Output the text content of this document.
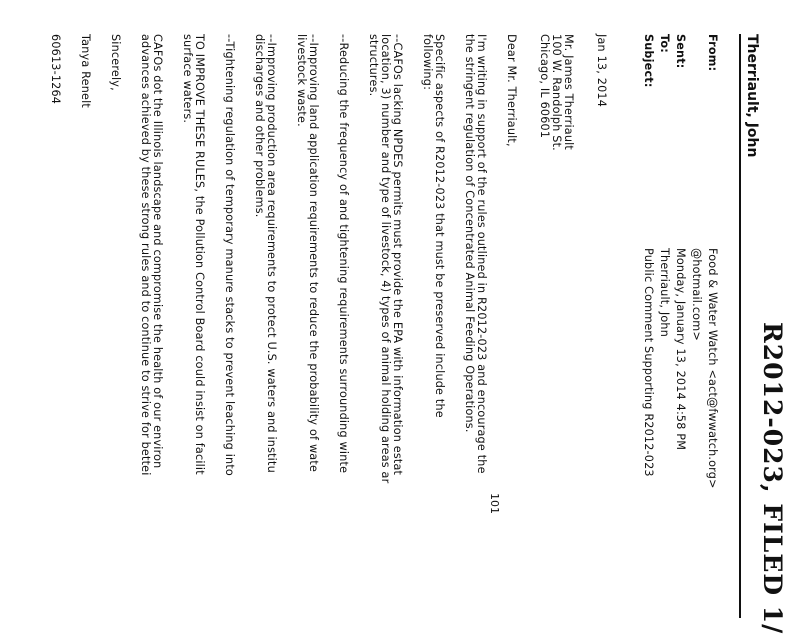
R2012-023, FILED 1/
Therriault, John
From:
Food & Water Watch <act@fwwatch.org>
@hotmail.com>
Sent:
Monday, January 13, 2014 4:58 PM
To:
Therriault, John
Subject:
Public Comment Supporting R2012-023
Jan 13, 2014
Mr. James Therriault
100 W. Randolph St.
Chicago, IL 60601
Dear Mr. Therriault,
I'm writing in support of the rules outlined in R2012-023 and encourage the
the stringent regulation of Concentrated Animal Feeding Operations.
Specific aspects of R2012-023 that must be preserved include the
following:
--CAFOs lacking NPDES permits must provide the EPA with information estat
location, 3) number and type of livestock, 4) types of animal holding areas ar
structures.
--Reducing the frequency of and tightening requirements surrounding winte
--Improving land application requirements to reduce the probability of wate
livestock waste.
--Improving production area requirements to protect U.S. waters and institu
discharges and other problems.
--Tightening regulation of temporary manure stacks to prevent leaching into
TO IMPROVE THESE RULES, the Pollution Control Board could insist on facilit
surface waters.
CAFOs dot the Illinois landscape and compromise the health of our environ
advances achieved by these strong rules and to continue to strive for bettei
Sincerely,
Tanya Renelt
60613-1264
101
